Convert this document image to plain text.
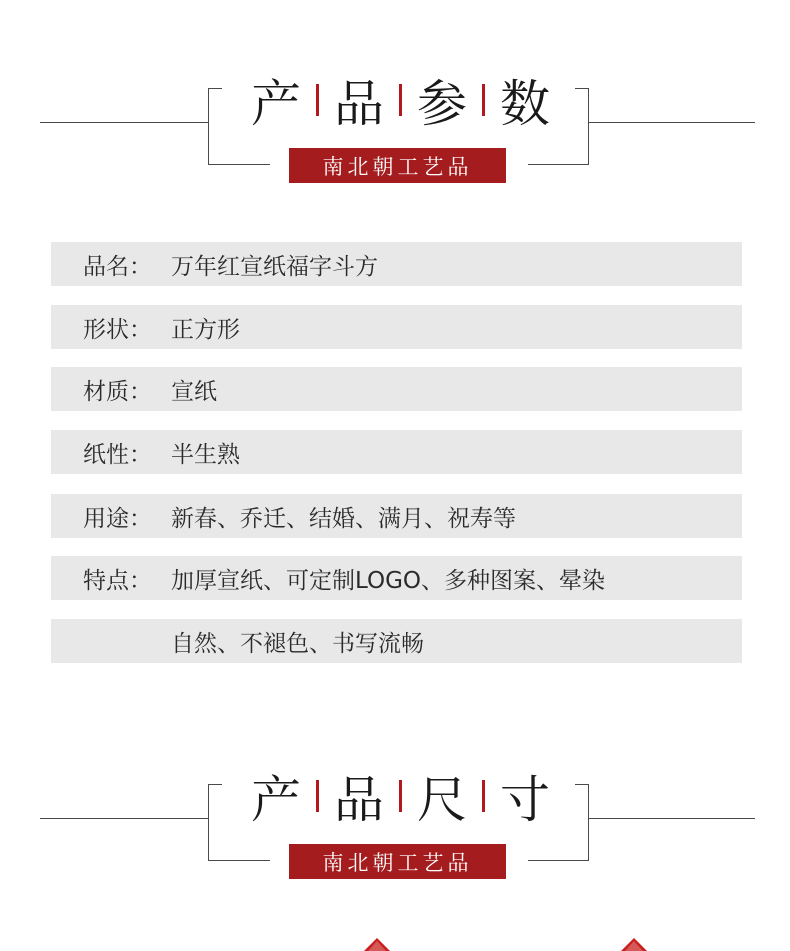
产 品 参 数
南北朝工艺品
品名： 万年红宣纸福字斗方
形状： 正方形
材质： 宣纸
纸性： 半生熟
用途： 新春、乔迁、结婚、满月、祝寿等
特点： 加厚宣纸、可定制LOGO、多种图案、晕染
自然、不褪色、书写流畅
产 品 尺 寸
南北朝工艺品
